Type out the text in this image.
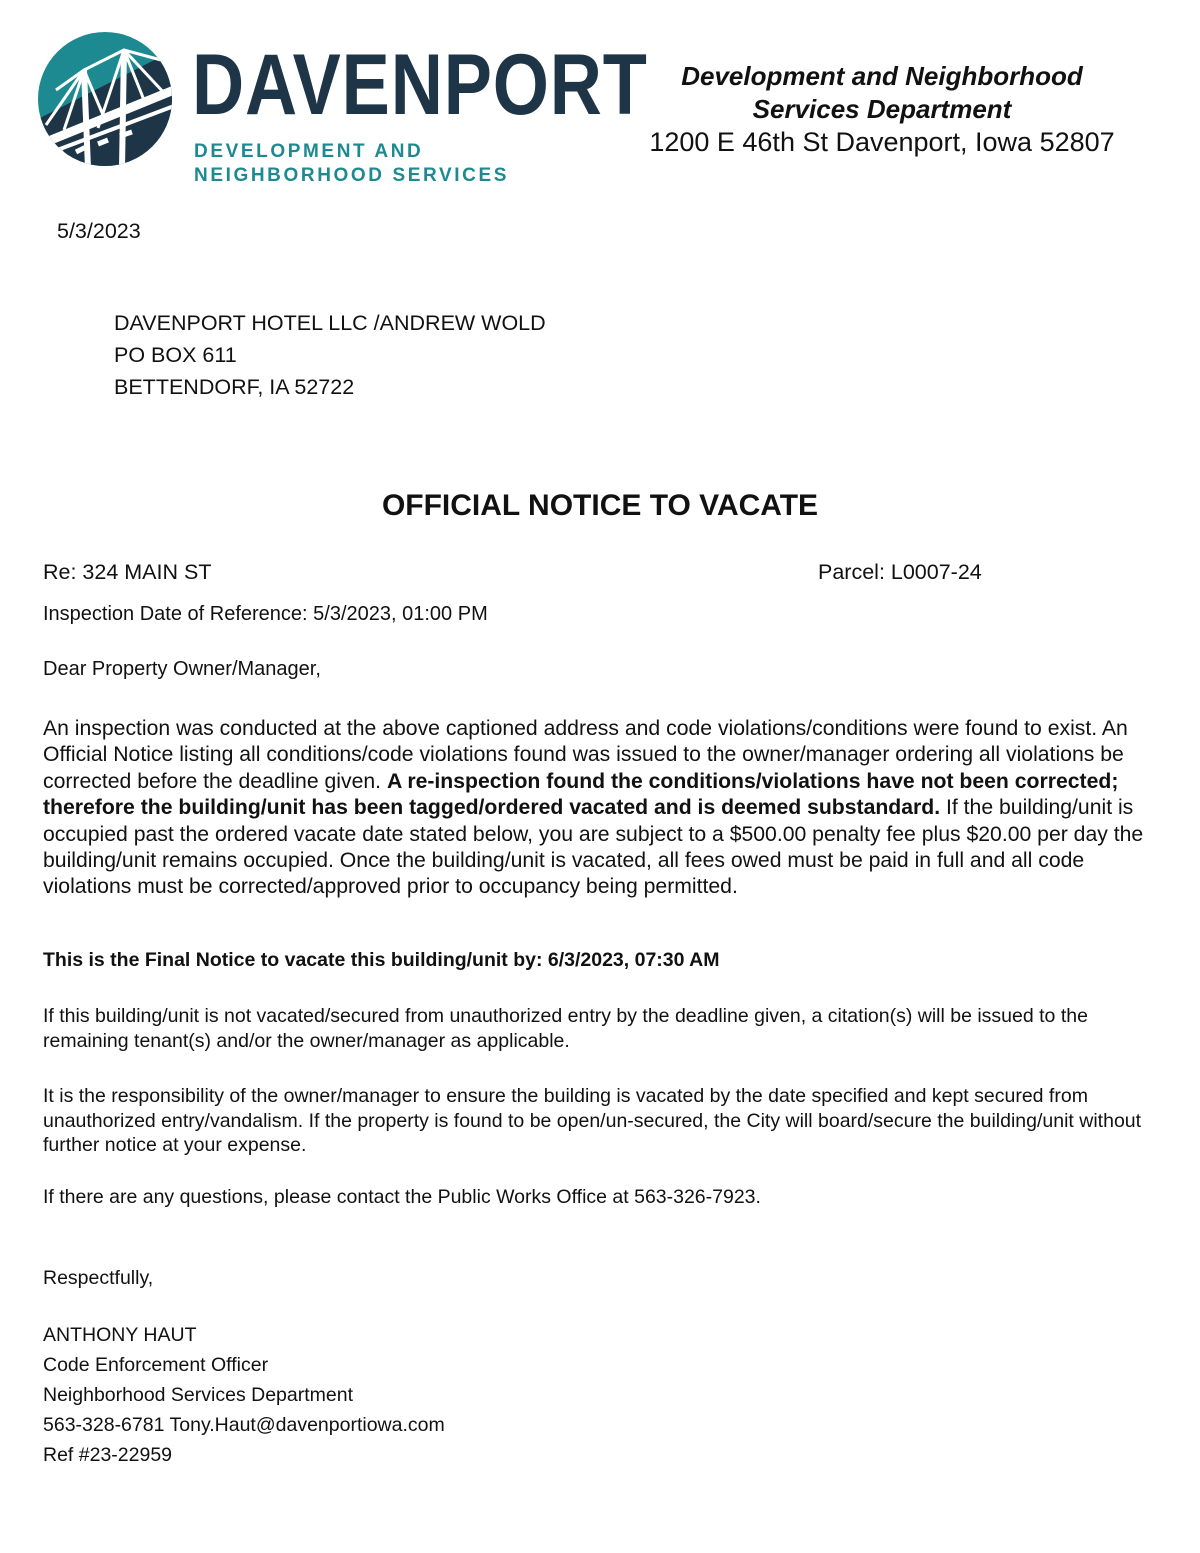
DAVENPORT
DEVELOPMENT AND
NEIGHBORHOOD SERVICES
Development and Neighborhood
Services Department
1200 E 46th St Davenport, Iowa 52807
5/3/2023
DAVENPORT HOTEL LLC /ANDREW WOLD
PO BOX 611
BETTENDORF, IA 52722
OFFICIAL NOTICE TO VACATE
Re: 324 MAIN ST	Parcel: L0007-24
Inspection Date of Reference: 5/3/2023, 01:00 PM
Dear Property Owner/Manager,
An inspection was conducted at the above captioned address and code violations/conditions were found to exist. An Official Notice listing all conditions/code violations found was issued to the owner/manager ordering all violations be corrected before the deadline given. A re-inspection found the conditions/violations have not been corrected; therefore the building/unit has been tagged/ordered vacated and is deemed substandard. If the building/unit is occupied past the ordered vacate date stated below, you are subject to a $500.00 penalty fee plus $20.00 per day the building/unit remains occupied. Once the building/unit is vacated, all fees owed must be paid in full and all code violations must be corrected/approved prior to occupancy being permitted.
This is the Final Notice to vacate this building/unit by: 6/3/2023, 07:30 AM
If this building/unit is not vacated/secured from unauthorized entry by the deadline given, a citation(s) will be issued to the remaining tenant(s) and/or the owner/manager as applicable.
It is the responsibility of the owner/manager to ensure the building is vacated by the date specified and kept secured from unauthorized entry/vandalism. If the property is found to be open/un-secured, the City will board/secure the building/unit without further notice at your expense.
If there are any questions, please contact the Public Works Office at 563-326-7923.
Respectfully,
ANTHONY HAUT
Code Enforcement Officer
Neighborhood Services Department
563-328-6781 Tony.Haut@davenportiowa.com
Ref #23-22959
